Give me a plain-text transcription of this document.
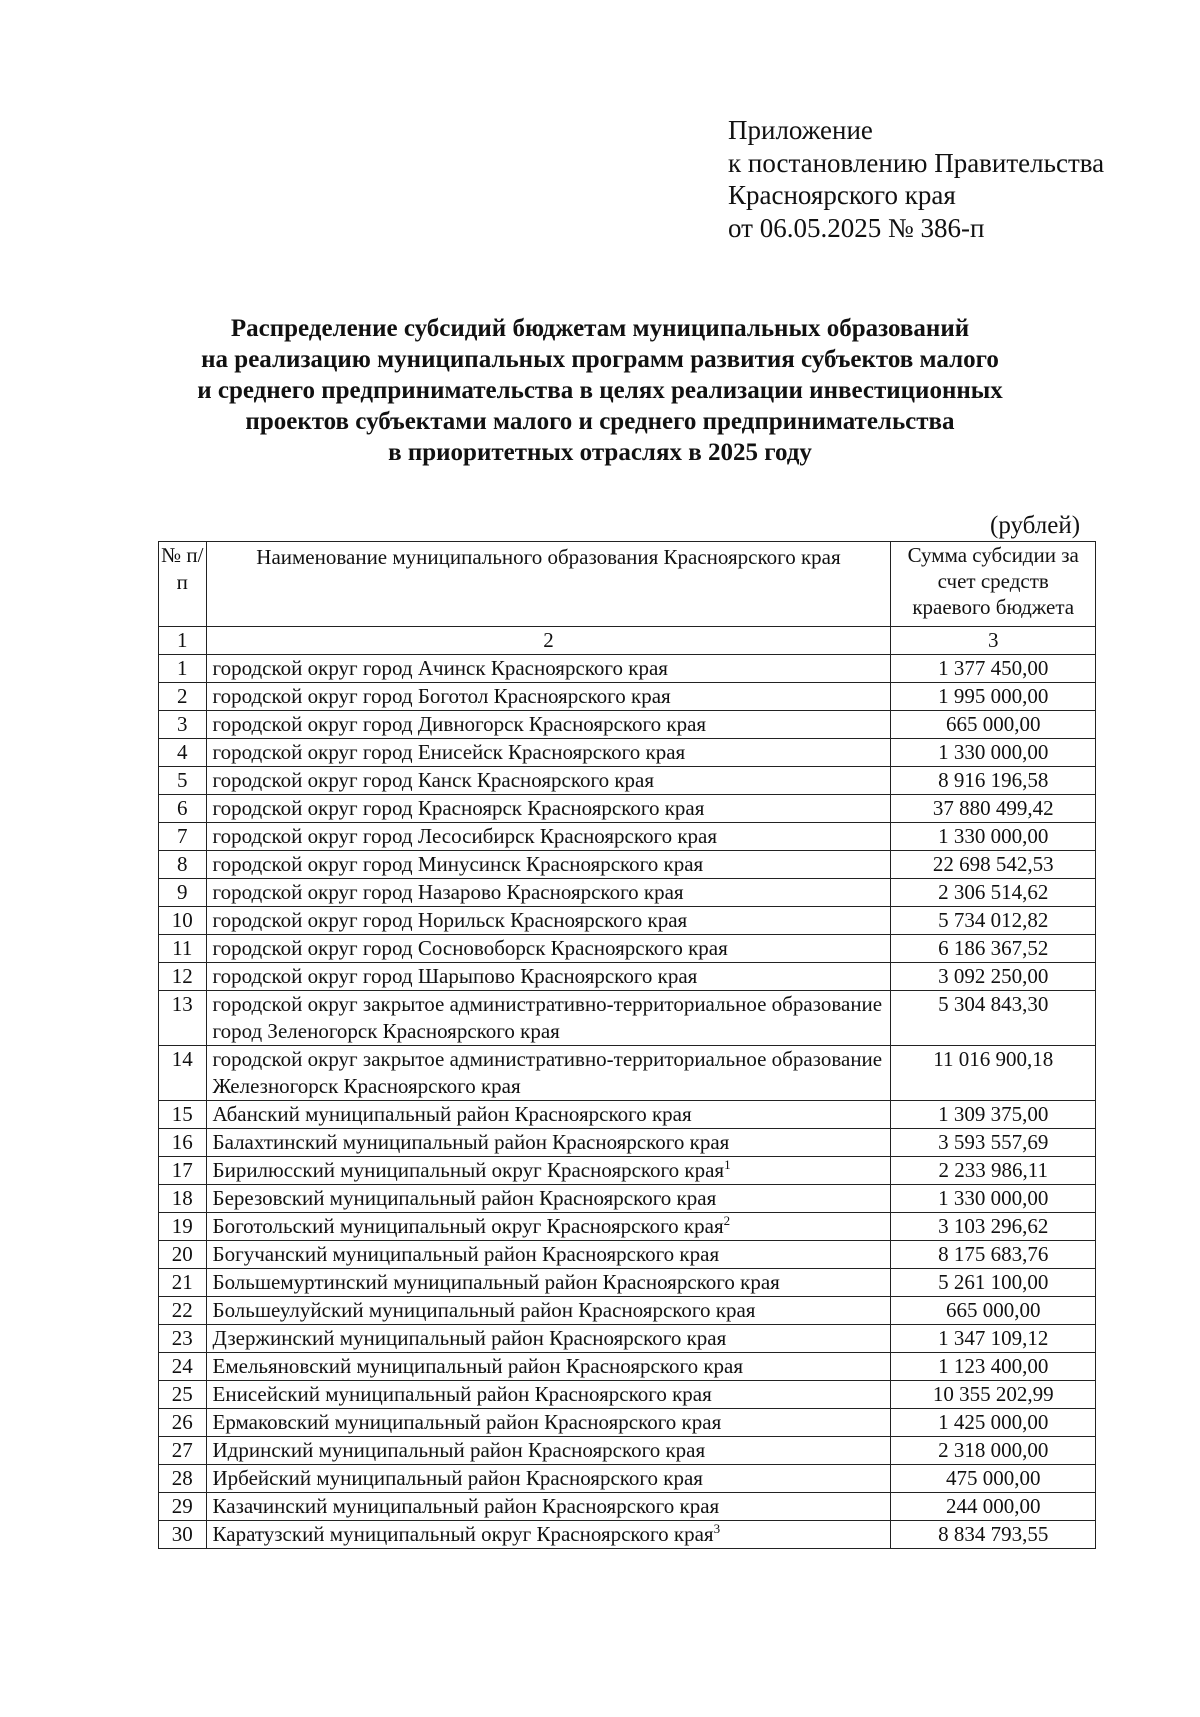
Приложение
к постановлению Правительства
Красноярского края
от 06.05.2025 № 386-п
Распределение субсидий бюджетам муниципальных образований
на реализацию муниципальных программ развития субъектов малого
и среднего предпринимательства в целях реализации инвестиционных
проектов субъектами малого и среднего предпринимательства
в приоритетных отраслях в 2025 году
(рублей)
№ п/п	Наименование муниципального образования Красноярского края	Сумма субсидии за счет средств краевого бюджета
1	2	3
1	городской округ город Ачинск Красноярского края	1 377 450,00
2	городской округ город Боготол Красноярского края	1 995 000,00
3	городской округ город Дивногорск Красноярского края	665 000,00
4	городской округ город Енисейск Красноярского края	1 330 000,00
5	городской округ город Канск Красноярского края	8 916 196,58
6	городской округ город Красноярск Красноярского края	37 880 499,42
7	городской округ город Лесосибирск Красноярского края	1 330 000,00
8	городской округ город Минусинск Красноярского края	22 698 542,53
9	городской округ город Назарово Красноярского края	2 306 514,62
10	городской округ город Норильск Красноярского края	5 734 012,82
11	городской округ город Сосновоборск Красноярского края	6 186 367,52
12	городской округ город Шарыпово Красноярского края	3 092 250,00
13	городской округ закрытое административно-территориальное образование город Зеленогорск Красноярского края	5 304 843,30
14	городской округ закрытое административно-территориальное образование Железногорск Красноярского края	11 016 900,18
15	Абанский муниципальный район Красноярского края	1 309 375,00
16	Балахтинский муниципальный район Красноярского края	3 593 557,69
17	Бирилюсский муниципальный округ Красноярского края$^1$	2 233 986,11
18	Березовский муниципальный район Красноярского края	1 330 000,00
19	Боготольский муниципальный округ Красноярского края$^2$	3 103 296,62
20	Богучанский муниципальный район Красноярского края	8 175 683,76
21	Большемуртинский муниципальный район Красноярского края	5 261 100,00
22	Большеулуйский муниципальный район Красноярского края	665 000,00
23	Дзержинский муниципальный район Красноярского края	1 347 109,12
24	Емельяновский муниципальный район Красноярского края	1 123 400,00
25	Енисейский муниципальный район Красноярского края	10 355 202,99
26	Ермаковский муниципальный район Красноярского края	1 425 000,00
27	Идринский муниципальный район Красноярского края	2 318 000,00
28	Ирбейский муниципальный район Красноярского края	475 000,00
29	Казачинский муниципальный район Красноярского края	244 000,00
30	Каратузский муниципальный округ Красноярского края$^3$	8 834 793,55
